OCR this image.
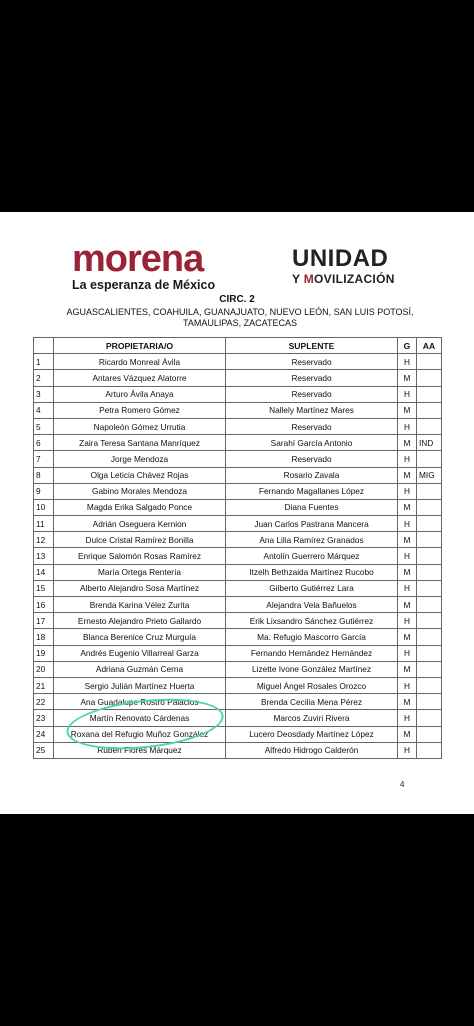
morena
La esperanza de México
UNIDAD
Y MOVILIZACIÓN
CIRC. 2
AGUASCALIENTES, COAHUILA, GUANAJUATO, NUEVO LEÓN, SAN LUIS POTOSÍ, TAMAULIPAS, ZACATECAS
	PROPIETARIA/O	SUPLENTE	G	AA
1	Ricardo Monreal Ávila	Reservado	H	
2	Antares Vázquez Alatorre	Reservado	M	
3	Arturo Ávila Anaya	Reservado	H	
4	Petra Romero Gómez	Nallely Martínez Mares	M	
5	Napoleón Gómez Urrutia	Reservado	H	
6	Zaira Teresa Santana Manríquez	Sarahí García Antonio	M	IND
7	Jorge Mendoza	Reservado	H	
8	Olga Leticia Chávez Rojas	Rosario Zavala	M	MIG
9	Gabino Morales Mendoza	Fernando Magallanes López	H	
10	Magda Erika Salgado Ponce	Diana Fuentes	M	
11	Adrián Oseguera Kernion	Juan Carlos Pastrana Mancera	H	
12	Dulce Cristal Ramírez Bonilla	Ana Lilia Ramírez Granados	M	
13	Enrique Salomón Rosas Ramírez	Antolín Guerrero Márquez	H	
14	María Ortega Rentería	Itzelh Bethzaida Martínez Rucobo	M	
15	Alberto Alejandro Sosa Martínez	Gilberto Gutiérrez Lara	H	
16	Brenda Karina Vélez Zurita	Alejandra Vela Bañuelos	M	
17	Ernesto Alejandro Prieto Gallardo	Erik Lixsandro Sánchez Gutiérrez	H	
18	Blanca Berenice Cruz Murguía	Ma. Refugio Mascorro García	M	
19	Andrés Eugenio Villarreal Garza	Fernando Hernández Hernández	H	
20	Adriana Guzmán Cerna	Lizette Ivone González Martínez	M	
21	Sergio Julián Martínez Huerta	Miguel Ángel Rosales Orozco	H	
22	Ana Guadalupe Rostro Palacios	Brenda Cecilia Mena Pérez	M	
23	Martín Renovato Cárdenas	Marcos Zuviri Rivera	H	
24	Roxana del Refugio Muñoz González	Lucero Deosdady Martínez López	M	
25	Rubén Flores Márquez	Alfredo Hidrogo Calderón	H	
4
